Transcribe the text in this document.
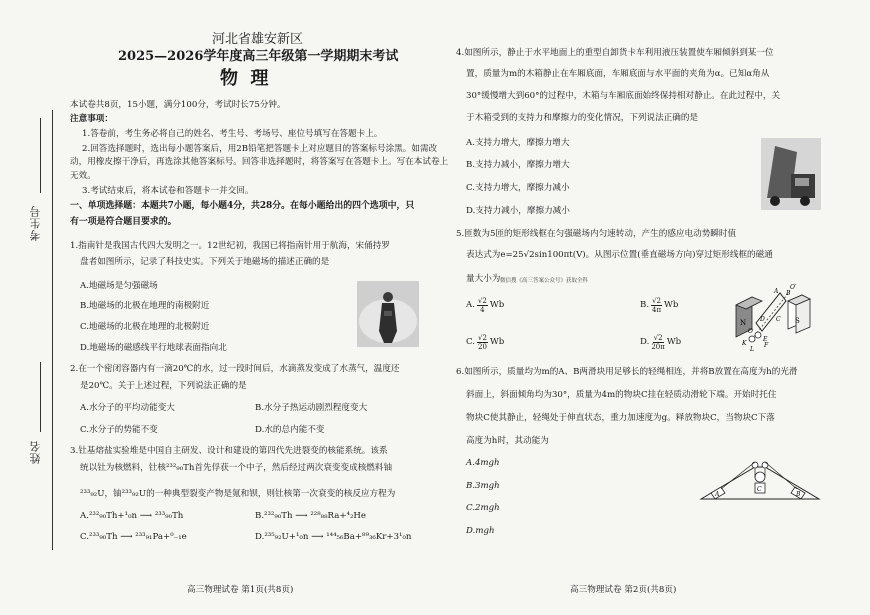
考生号
姓名
河北省雄安新区
2025—2026学年度高三年级第一学期期末考试
物  理
本试卷共8页，15小题，满分100分，考试时长75分钟。
注意事项：
1.答卷前，考生务必将自己的姓名、考生号、考场号、座位号填写在答题卡上。
2.回答选择题时，选出每小题答案后，用2B铅笔把答题卡上对应题目的答案标号涂黑。如需改
动，用橡皮擦干净后，再选涂其他答案标号。回答非选择题时，将答案写在答题卡上。写在本试卷上
无效。
3.考试结束后，将本试卷和答题卡一并交回。
一、单项选择题：本题共7小题，每小题4分，共28分。在每小题给出的四个选项中，只
有一项是符合题目要求的。
1.指南针是我国古代四大发明之一。12世纪初，我国已将指南针用于航海，宋俑持罗
盘者如图所示，记录了科技史实。下列关于地磁场的描述正确的是
A.地磁场是匀强磁场
B.地磁场的北极在地理的南极附近
C.地磁场的北极在地理的北极附近
D.地磁场的磁感线平行地球表面指向北
2.在一个密闭容器内有一滴20℃的水，过一段时间后，水滴蒸发变成了水蒸气，温度还
是20℃。关于上述过程，下列说法正确的是
A.水分子的平均动能变大	B.水分子热运动剧烈程度变大
C.水分子的势能不变	D.水的总内能不变
3.钍基熔盐实验堆是中国自主研发、设计和建设的第四代先进裂变的核能系统。该系
统以钍为核燃料，钍核²³²₉₀Th首先俘获一个中子，然后经过两次衰变变成核燃料铀
²³³₉₂U，铀²³³₉₂U的一种典型裂变产物是氪和钡，则钍核第一次衰变的核反应方程为
A.²³²₉₀Th+¹₀n ⟶ ²³³₉₀Th	B.²³²₉₀Th ⟶ ²²⁸₈₈Ra+⁴₂He
C.²³³₉₀Th ⟶ ²³³₉₁Pa+⁰₋₁e	D.²³⁵₉₂U+¹₀n ⟶ ¹⁴⁴₅₆Ba+⁸⁹₃₆Kr+3¹₀n
高三物理试卷 第1页(共8页)
4.如图所示，静止于水平地面上的重型自卸货卡车利用液压装置使车厢倾斜到某一位
置，质量为m的木箱静止在车厢底面，车厢底面与水平面的夹角为α。已知α角从
30°缓慢增大到60°的过程中，木箱与车厢底面始终保持相对静止。在此过程中，关
于木箱受到的支持力和摩擦力的变化情况，下列说法正确的是
A.支持力增大，摩擦力增大
B.支持力减小，摩擦力增大
C.支持力增大，摩擦力减小
D.支持力减小，摩擦力减小
5.匝数为5匝的矩形线框在匀强磁场内匀速转动，产生的感应电动势瞬时值
表达式为e=25√2sin100πt(V)。从图示位置(垂直磁场方向)穿过矩形线框的磁通
量大小为 微信搜《高三答案公众号》获取全科
A. $\frac{√2}{4}$ Wb	B. $\frac{√2}{4\pi}$ Wb
C. $\frac{√2}{20}$ Wb	D. $\frac{√2}{20\pi}$ Wb
N	S
A B
C
D
O′
O
K
L
E
F
6.如图所示，质量均为m的A、B两滑块用足够长的轻绳相连，并将B放置在高度为h的光滑
斜面上，斜面倾角均为30°，质量为4m的物块C挂在轻质动滑轮下端。开始时托住
物块C使其静止，轻绳处于伸直状态，重力加速度为g。释放物块C，当物块C下落
高度为h时，其动能为
A.4mgh
B.3mgh
C.2mgh
D.mgh
A	B
C
高三物理试卷 第2页(共8页)
